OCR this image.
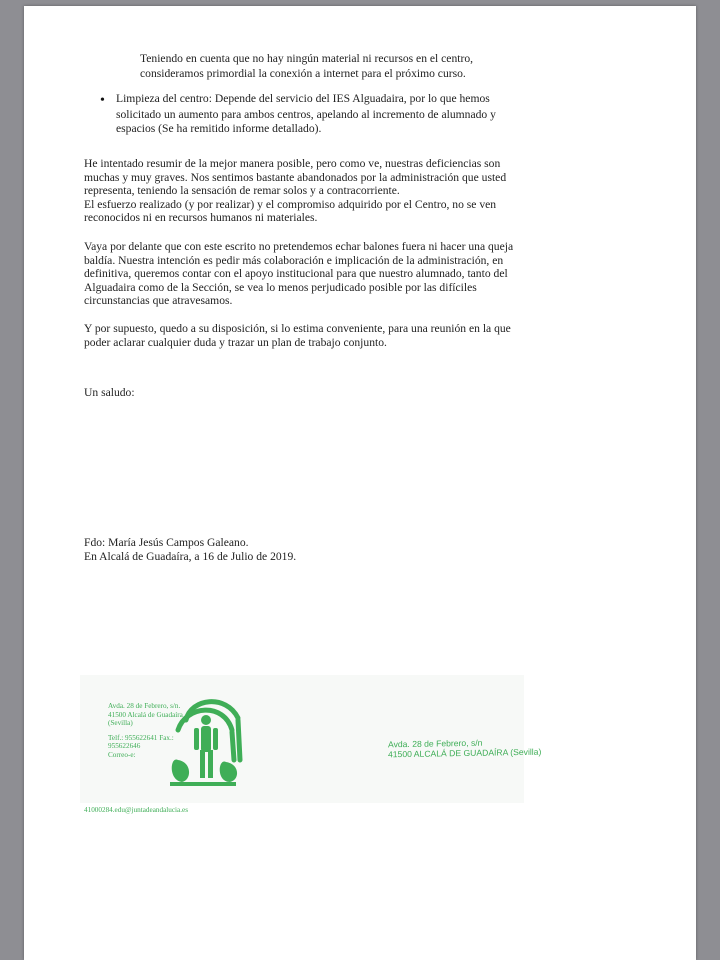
Teniendo en cuenta que no hay ningún material ni recursos en el centro,

consideramos primordial la conexión a internet para el próximo curso.

• Limpieza del centro: Depende del servicio del IES Alguadaira, por lo que hemos
solicitado un aumento para ambos centros, apelando al incremento de alumnado y
espacios (Se ha remitido informe detallado).

He intentado resumir de la mejor manera posible, pero como ve, nuestras deficiencias son

muchas y muy graves. Nos sentimos bastante abandonados por la administración que usted

representa, teniendo la sensación de remar solos y a contracorriente.

El esfuerzo realizado (y por realizar) y el compromiso adquirido por el Centro, no se ven

reconocidos ni en recursos humanos ni materiales.

Vaya por delante que con este escrito no pretendemos echar balones fuera ni hacer una queja

baldía. Nuestra intención es pedir más colaboración e implicación de la administración, en

definitiva, queremos contar con el apoyo institucional para que nuestro alumnado, tanto del

Alguadaira como de la Sección, se vea lo menos perjudicado posible por las difíciles

circunstancias que atravesamos.

Y por supuesto, quedo a su disposición, si lo estima conveniente, para una reunión en la que

poder aclarar cualquier duda y trazar un plan de trabajo conjunto.

Un saludo:

Fdo: María Jesús Campos Galeano.

En Alcalá de Guadaíra, a 16 de Julio de 2019.

Avda. 28 de Febrero, s/n.
41500 Alcalá de Guadaíra
(Sevilla)
Telf.: 955622641 Fax.:
955622646
Correo-e:
Avda. 28 de Febrero, s/n
41500 ALCALÁ DE GUADAÍRA (Sevilla)
41000284.edu@juntadeandalucia.es
